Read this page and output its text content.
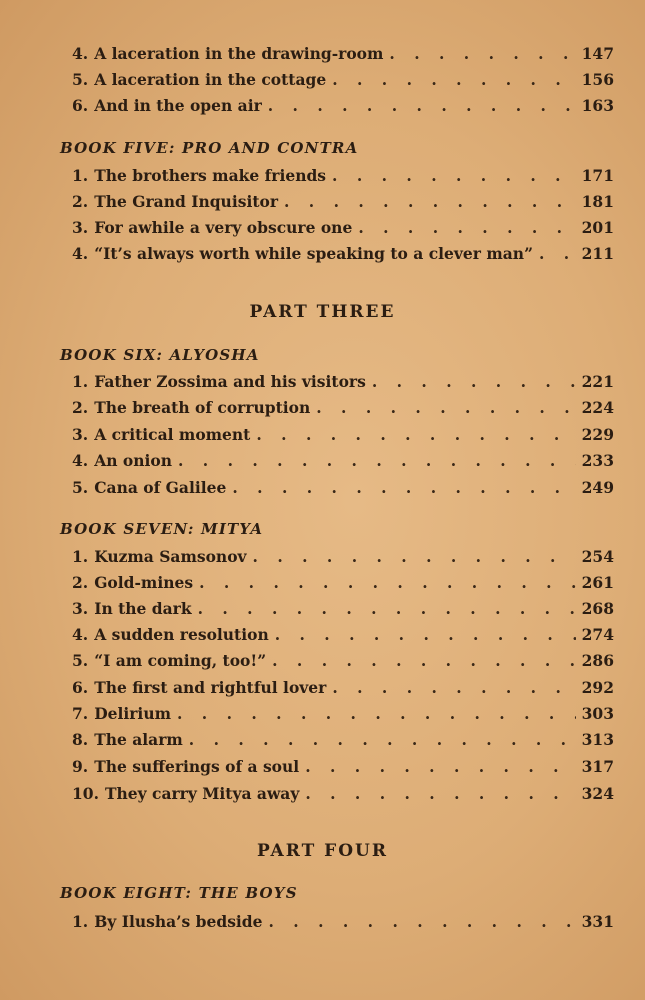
4. A laceration in the drawing-room . . .	147
5. A laceration in the cottage . . .	156
6. And in the open air . . .	163
BOOK FIVE: PRO AND CONTRA
1. The brothers make friends . . .	171
2. The Grand Inquisitor . . .	181
3. For awhile a very obscure one . . .	201
4. “It’s always worth while speaking to a clever man” . . .	211
PART THREE
BOOK SIX: ALYOSHA
1. Father Zossima and his visitors . . .	221
2. The breath of corruption . . .	224
3. A critical moment . . .	229
4. An onion . . .	233
5. Cana of Galilee . . .	249
BOOK SEVEN: MITYA
1. Kuzma Samsonov . . .	254
2. Gold-mines . . .	261
3. In the dark . . .	268
4. A sudden resolution . . .	274
5. “I am coming, too!” . . .	286
6. The first and rightful lover . . .	292
7. Delirium . . .	303
8. The alarm . . .	313
9. The sufferings of a soul . . .	317
10. They carry Mitya away . . .	324
PART FOUR
BOOK EIGHT: THE BOYS
1. By Ilusha’s bedside . . .	331
